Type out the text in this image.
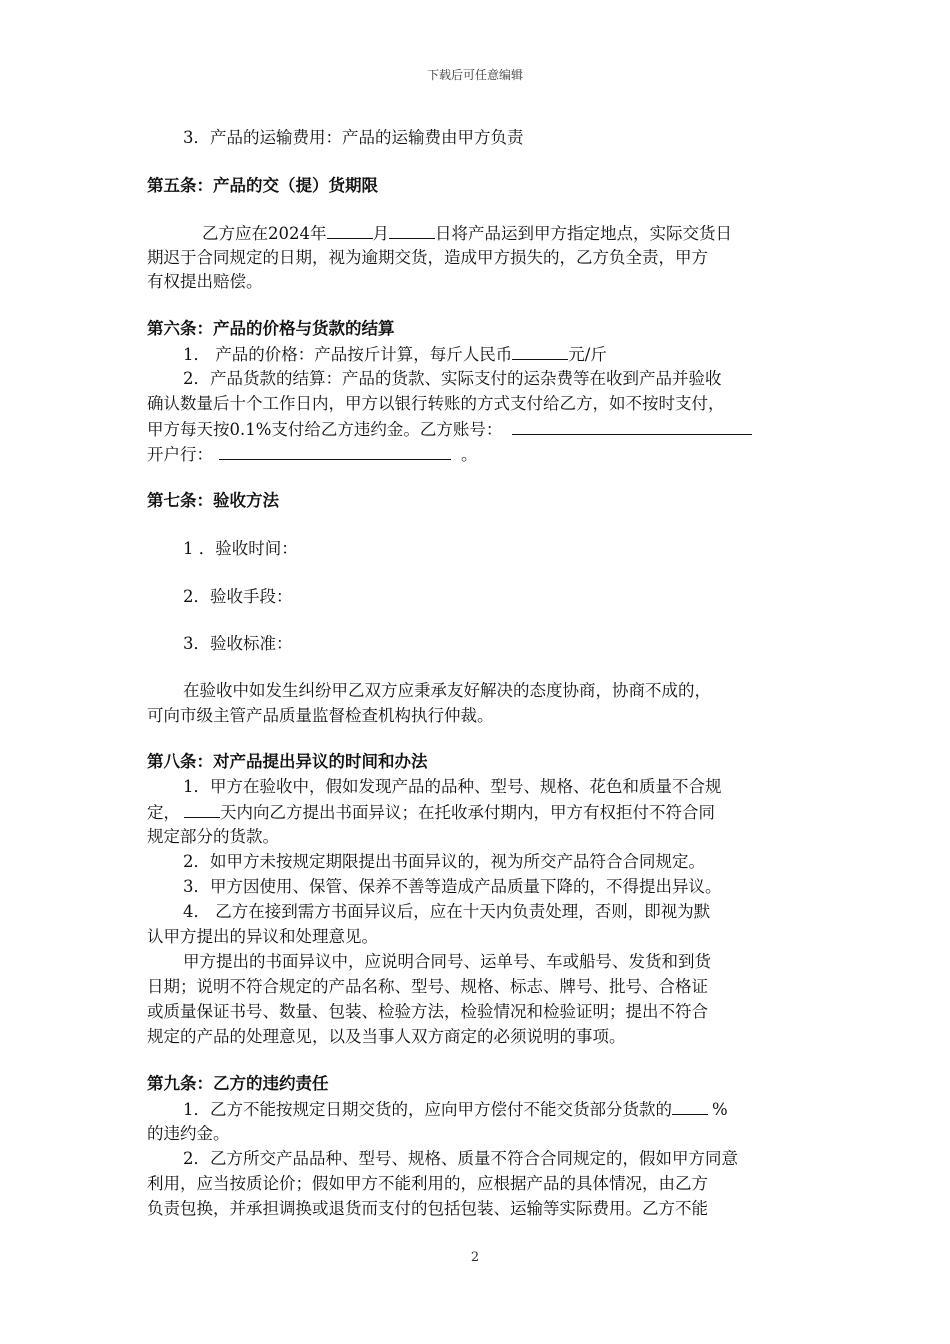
下载后可任意编辑
3．产品的运输费用：产品的运输费由甲方负责
第五条：产品的交（提）货期限
乙方应在2024年	月	日将产品运到甲方指定地点，实际交货日
期迟于合同规定的日期，视为逾期交货，造成甲方损失的，乙方负全责，甲方
有权提出赔偿。
第六条：产品的价格与货款的结算
1． 产品的价格：产品按斤计算，每斤人民币	元/斤
2．产品货款的结算：产品的货款、实际支付的运杂费等在收到产品并验收
确认数量后十个工作日内，甲方以银行转账的方式支付给乙方，如不按时支付，
甲方每天按0.1%支付给乙方违约金。乙方账号：
开户行：	。
第七条：验收方法
1 ．验收时间：
2．验收手段：
3．验收标准：
在验收中如发生纠纷甲乙双方应秉承友好解决的态度协商，协商不成的，
可向市级主管产品质量监督检查机构执行仲裁。
第八条：对产品提出异议的时间和办法
1．甲方在验收中，假如发现产品的品种、型号、规格、花色和质量不合规
定， 天内向乙方提出书面异议；在托收承付期内，甲方有权拒付不符合同
规定部分的货款。
2．如甲方未按规定期限提出书面异议的，视为所交产品符合合同规定。
3．甲方因使用、保管、保养不善等造成产品质量下降的，不得提出异议。
4． 乙方在接到需方书面异议后，应在十天内负责处理，否则，即视为默
认甲方提出的异议和处理意见。
甲方提出的书面异议中，应说明合同号、运单号、车或船号、发货和到货
日期；说明不符合规定的产品名称、型号、规格、标志、牌号、批号、合格证
或质量保证书号、数量、包装、检验方法，检验情况和检验证明；提出不符合
规定的产品的处理意见，以及当事人双方商定的必须说明的事项。
第九条：乙方的违约责任
1．乙方不能按规定日期交货的，应向甲方偿付不能交货部分货款的 %
的违约金。
2．乙方所交产品品种、型号、规格、质量不符合合同规定的，假如甲方同意
利用，应当按质论价；假如甲方不能利用的，应根据产品的具体情况，由乙方
负责包换，并承担调换或退货而支付的包括包装、运输等实际费用。乙方不能
2
